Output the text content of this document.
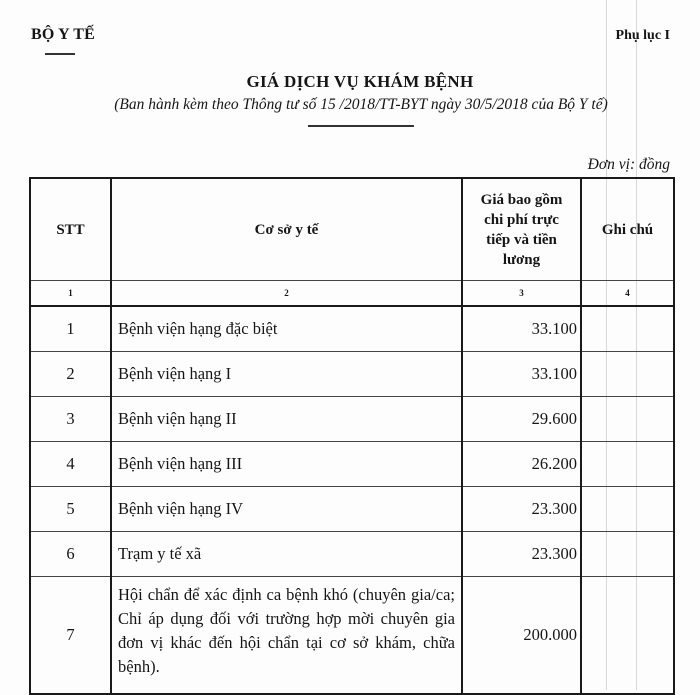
BỘ Y TẾ	Phụ lục I
GIÁ DỊCH VỤ KHÁM BỆNH
(Ban hành kèm theo Thông tư số 15 /2018/TT-BYT ngày 30/5/2018 của Bộ Y tế)
Đơn vị: đồng
STT	Cơ sở y tế	Giá bao gồm chi phí trực tiếp và tiền lương	Ghi chú
1	2	3	4
1	Bệnh viện hạng đặc biệt	33.100	
2	Bệnh viện hạng I	33.100	
3	Bệnh viện hạng II	29.600	
4	Bệnh viện hạng III	26.200	
5	Bệnh viện hạng IV	23.300	
6	Trạm y tế xã	23.300	
7	Hội chẩn để xác định ca bệnh khó (chuyên gia/ca; Chỉ áp dụng đối với trường hợp mời chuyên gia đơn vị khác đến hội chẩn tại cơ sở khám, chữa bệnh).	200.000	
